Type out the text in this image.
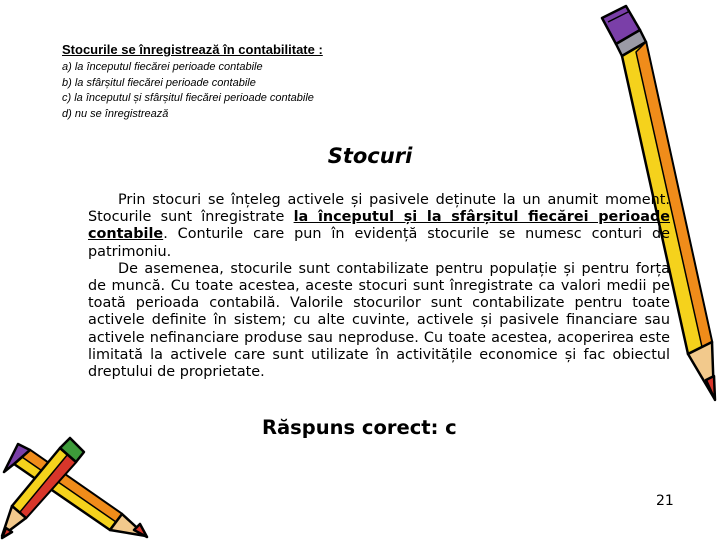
Stocurile se înregistrează în contabilitate :

a) la începutul fiecărei perioade contabile

b) la sfârșitul fiecărei perioade contabile

c) la începutul și sfârșitul fiecărei perioade contabile

d) nu se înregistrează

Stocuri

Prin stocuri se înțeleg activele și pasivele deținute la un anumit moment. Stocurile sunt înregistrate la începutul și la sfârșitul fiecărei perioade contabile. Conturile care pun în evidență stocurile se numesc conturi de patrimoniu.

De asemenea, stocurile sunt contabilizate pentru populație și pentru forța de muncă. Cu toate acestea, aceste stocuri sunt înregistrate ca valori medii pe toată perioada contabilă. Valorile stocurilor sunt contabilizate pentru toate activele definite în sistem; cu alte cuvinte, activele și pasivele financiare sau activele nefinanciare produse sau neproduse. Cu toate acestea, acoperirea este limitată la activele care sunt utilizate în activitățile economice și fac obiectul dreptului de proprietate.

Răspuns corect: c

21
